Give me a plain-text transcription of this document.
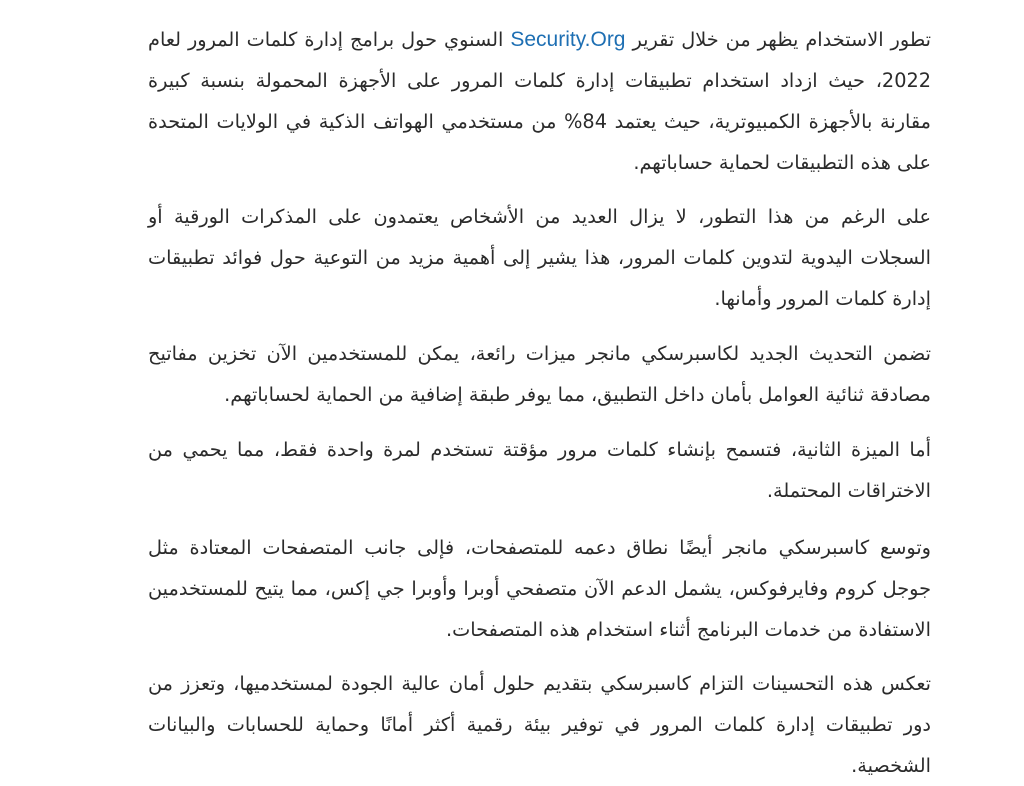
تطور الاستخدام يظهر من خلال تقرير Security.Org السنوي حول برامج إدارة كلمات المرور لعام 2022، حيث ازداد استخدام تطبيقات إدارة كلمات المرور على الأجهزة المحمولة بنسبة كبيرة مقارنة بالأجهزة الكمبيوترية، حيث يعتمد 84% من مستخدمي الهواتف الذكية في الولايات المتحدة على هذه التطبيقات لحماية حساباتهم.

على الرغم من هذا التطور، لا يزال العديد من الأشخاص يعتمدون على المذكرات الورقية أو السجلات اليدوية لتدوين كلمات المرور، هذا يشير إلى أهمية مزيد من التوعية حول فوائد تطبيقات إدارة كلمات المرور وأمانها.

تضمن التحديث الجديد لكاسبرسكي مانجر ميزات رائعة، يمكن للمستخدمين الآن تخزين مفاتيح مصادقة ثنائية العوامل بأمان داخل التطبيق، مما يوفر طبقة إضافية من الحماية لحساباتهم.

أما الميزة الثانية، فتسمح بإنشاء كلمات مرور مؤقتة تستخدم لمرة واحدة فقط، مما يحمي من الاختراقات المحتملة.

وتوسع كاسبرسكي مانجر أيضًا نطاق دعمه للمتصفحات، فإلى جانب المتصفحات المعتادة مثل جوجل كروم وفايرفوكس، يشمل الدعم الآن متصفحي أوبرا وأوبرا جي إكس، مما يتيح للمستخدمين الاستفادة من خدمات البرنامج أثناء استخدام هذه المتصفحات.

تعكس هذه التحسينات التزام كاسبرسكي بتقديم حلول أمان عالية الجودة لمستخدميها، وتعزز من دور تطبيقات إدارة كلمات المرور في توفير بيئة رقمية أكثر أمانًا وحماية للحسابات والبيانات الشخصية.
